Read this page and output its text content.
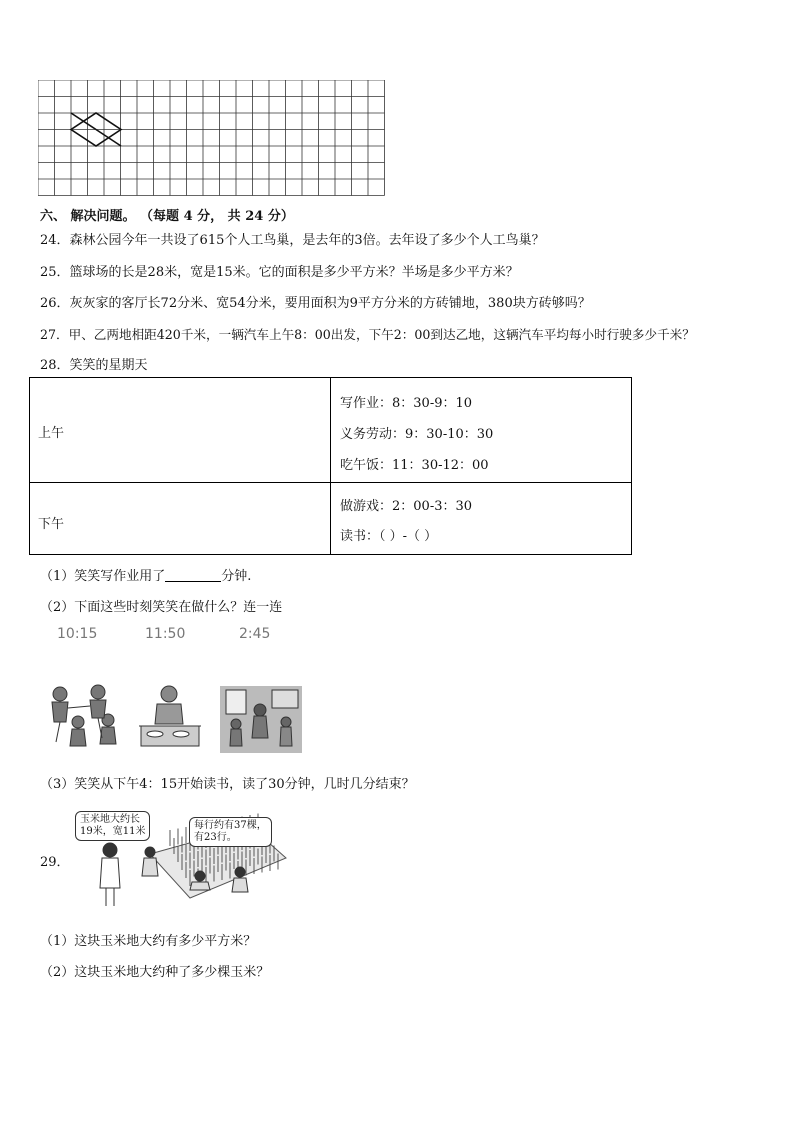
六、 解决问题。 （每题 4 分， 共 24 分）
24．森林公园今年一共设了615个人工鸟巢，是去年的3倍。去年设了多少个人工鸟巢？
25．篮球场的长是28米，宽是15米。它的面积是多少平方米？半场是多少平方米？
26．灰灰家的客厅长72分米、宽54分米，要用面积为9平方分米的方砖铺地，380块方砖够吗？
27．甲、乙两地相距420千米，一辆汽车上午8：00出发，下午2：00到达乙地，这辆汽车平均每小时行驶多少千米？
28．笑笑的星期天
上午
写作业：8：30-9：10
义务劳动：9：30-10：30
吃午饭：11：30-12：00
下午
做游戏：2：00-3：30
读书：（ ）-（ ）
（1）笑笑写作业用了	分钟.
（2）下面这些时刻笑笑在做什么？连一连
10:15	11:50	2:45
（3）笑笑从下午4：15开始读书，读了30分钟，几时几分结束？
29．
玉米地大约长
19米，宽11米
每行约有37棵，
有23行。
（1）这块玉米地大约有多少平方米？
（2）这块玉米地大约种了多少棵玉米？
